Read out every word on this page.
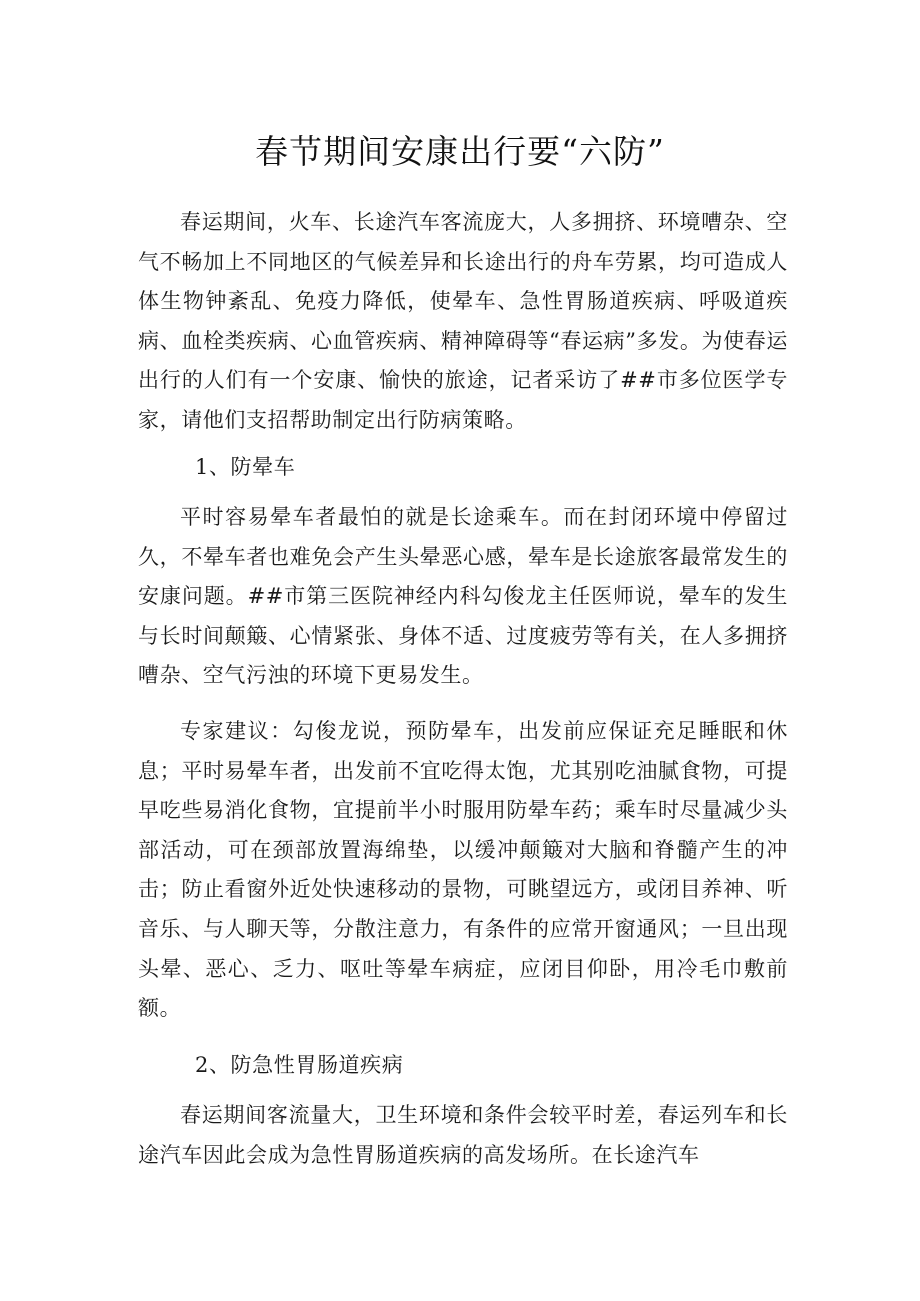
春节期间安康出行要“六防”

春运期间，火车、长途汽车客流庞大，人多拥挤、环境嘈杂、空气不畅加上不同地区的气候差异和长途出行的舟车劳累，均可造成人体生物钟紊乱、免疫力降低，使晕车、急性胃肠道疾病、呼吸道疾病、血栓类疾病、心血管疾病、精神障碍等“春运病”多发。为使春运出行的人们有一个安康、愉快的旅途，记者采访了##市多位医学专家，请他们支招帮助制定出行防病策略。

1、防晕车

平时容易晕车者最怕的就是长途乘车。而在封闭环境中停留过久，不晕车者也难免会产生头晕恶心感，晕车是长途旅客最常发生的安康问题。##市第三医院神经内科勾俊龙主任医师说，晕车的发生与长时间颠簸、心情紧张、身体不适、过度疲劳等有关，在人多拥挤嘈杂、空气污浊的环境下更易发生。

专家建议：勾俊龙说，预防晕车，出发前应保证充足睡眠和休息；平时易晕车者，出发前不宜吃得太饱，尤其别吃油腻食物，可提早吃些易消化食物，宜提前半小时服用防晕车药；乘车时尽量减少头部活动，可在颈部放置海绵垫，以缓冲颠簸对大脑和脊髓产生的冲击；防止看窗外近处快速移动的景物，可眺望远方，或闭目养神、听音乐、与人聊天等，分散注意力，有条件的应常开窗通风；一旦出现头晕、恶心、乏力、呕吐等晕车病症，应闭目仰卧，用冷毛巾敷前额。

2、防急性胃肠道疾病

春运期间客流量大，卫生环境和条件会较平时差，春运列车和长途汽车因此会成为急性胃肠道疾病的高发场所。在长途汽车
